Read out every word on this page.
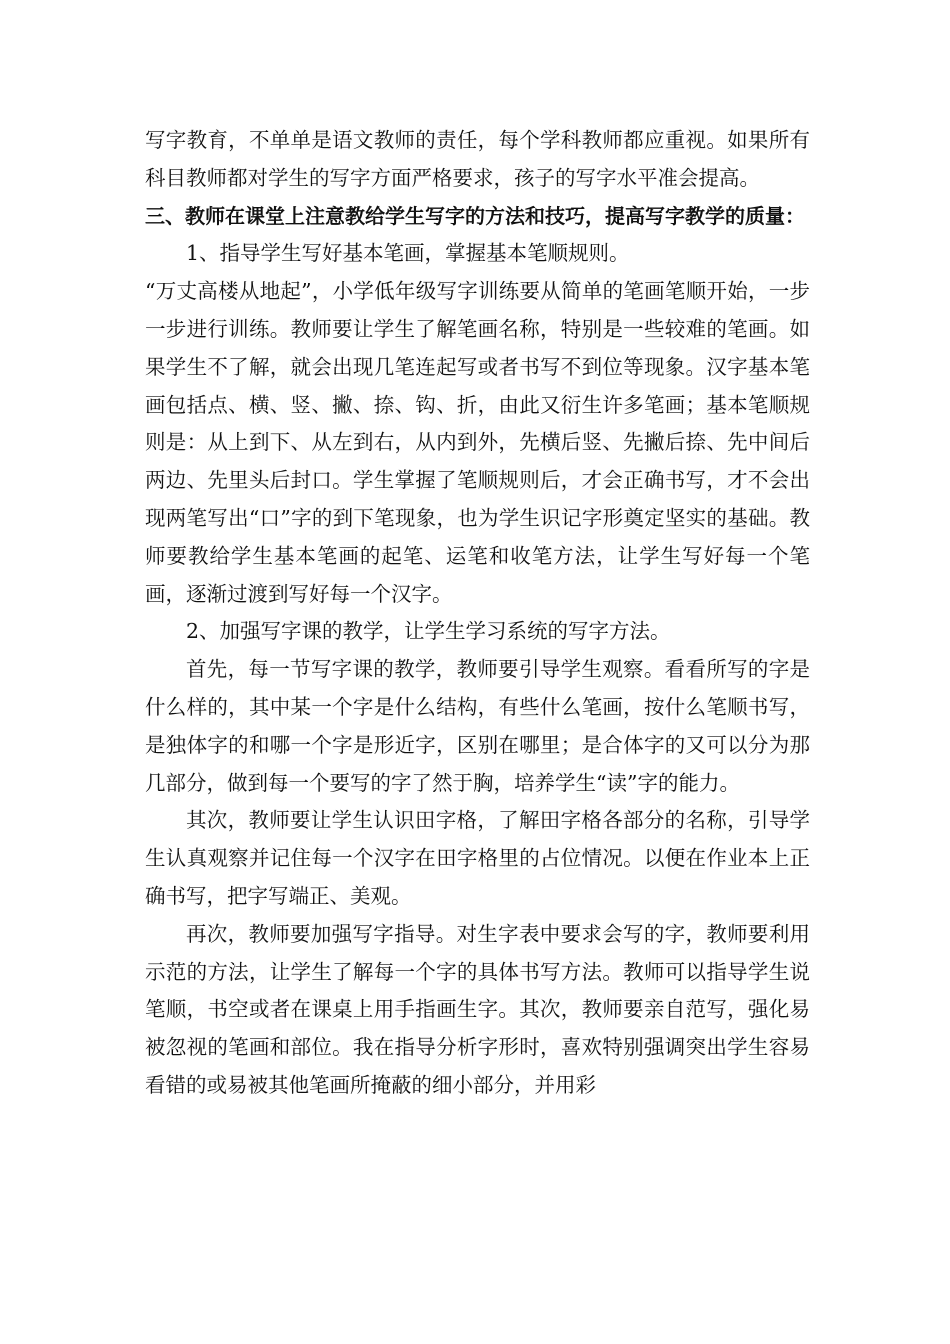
写字教育，不单单是语文教师的责任，每个学科教师都应重视。如果所有科目教师都对学生的写字方面严格要求，孩子的写字水平准会提高。

三、教师在课堂上注意教给学生写字的方法和技巧，提高写字教学的质量：

1、指导学生写好基本笔画，掌握基本笔顺规则。

“万丈高楼从地起”，小学低年级写字训练要从简单的笔画笔顺开始，一步一步进行训练。教师要让学生了解笔画名称，特别是一些较难的笔画。如果学生不了解，就会出现几笔连起写或者书写不到位等现象。汉字基本笔画包括点、横、竖、撇、捺、钩、折，由此又衍生许多笔画；基本笔顺规则是：从上到下、从左到右，从内到外，先横后竖、先撇后捺、先中间后两边、先里头后封口。学生掌握了笔顺规则后，才会正确书写，才不会出现两笔写出“口”字的到下笔现象，也为学生识记字形奠定坚实的基础。教师要教给学生基本笔画的起笔、运笔和收笔方法，让学生写好每一个笔画，逐渐过渡到写好每一个汉字。

2、加强写字课的教学，让学生学习系统的写字方法。

首先，每一节写字课的教学，教师要引导学生观察。看看所写的字是什么样的，其中某一个字是什么结构，有些什么笔画，按什么笔顺书写，是独体字的和哪一个字是形近字，区别在哪里；是合体字的又可以分为那几部分，做到每一个要写的字了然于胸，培养学生“读”字的能力。

其次，教师要让学生认识田字格，了解田字格各部分的名称，引导学生认真观察并记住每一个汉字在田字格里的占位情况。以便在作业本上正确书写，把字写端正、美观。

再次，教师要加强写字指导。对生字表中要求会写的字，教师要利用示范的方法，让学生了解每一个字的具体书写方法。教师可以指导学生说笔顺，书空或者在课桌上用手指画生字。其次，教师要亲自范写，强化易被忽视的笔画和部位。我在指导分析字形时，喜欢特别强调突出学生容易看错的或易被其他笔画所掩蔽的细小部分，并用彩
